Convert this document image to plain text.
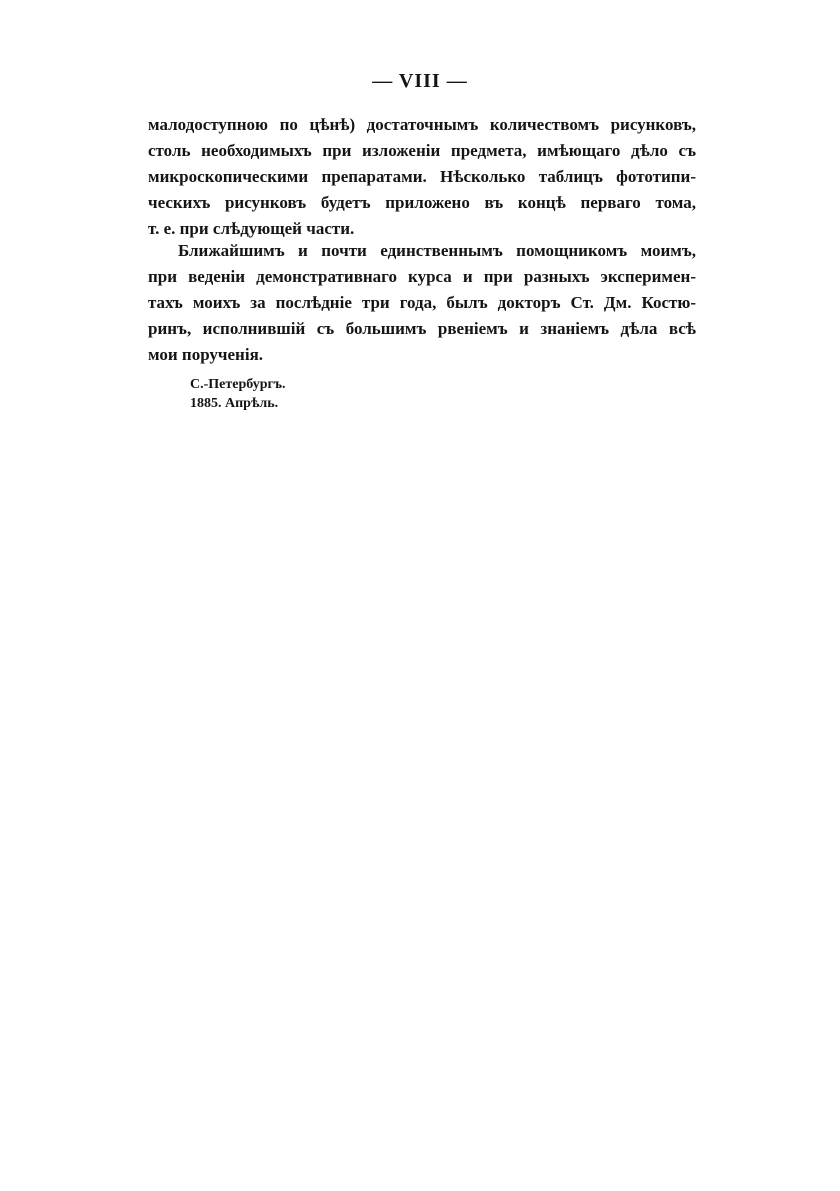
— VIII —
малодоступною по цѣнѣ) достаточнымъ количествомъ рисунковъ,
столь необходимыхъ при изложеніи предмета, имѣющаго дѣло съ
микроскопическими препаратами. Нѣсколько таблицъ фототипи-
ческихъ рисунковъ будетъ приложено въ концѣ перваго тома,
т. е. при слѣдующей части.
Ближайшимъ и почти единственнымъ помощникомъ моимъ,
при веденіи демонстративнаго курса и при разныхъ эксперимен-
тахъ моихъ за послѣдніе три года, былъ докторъ Ст. Дм. Костю-
ринъ, исполнившій съ большимъ рвеніемъ и знаніемъ дѣла всѣ
мои порученія.
С.-Петербургъ.
1885. Апрѣль.
